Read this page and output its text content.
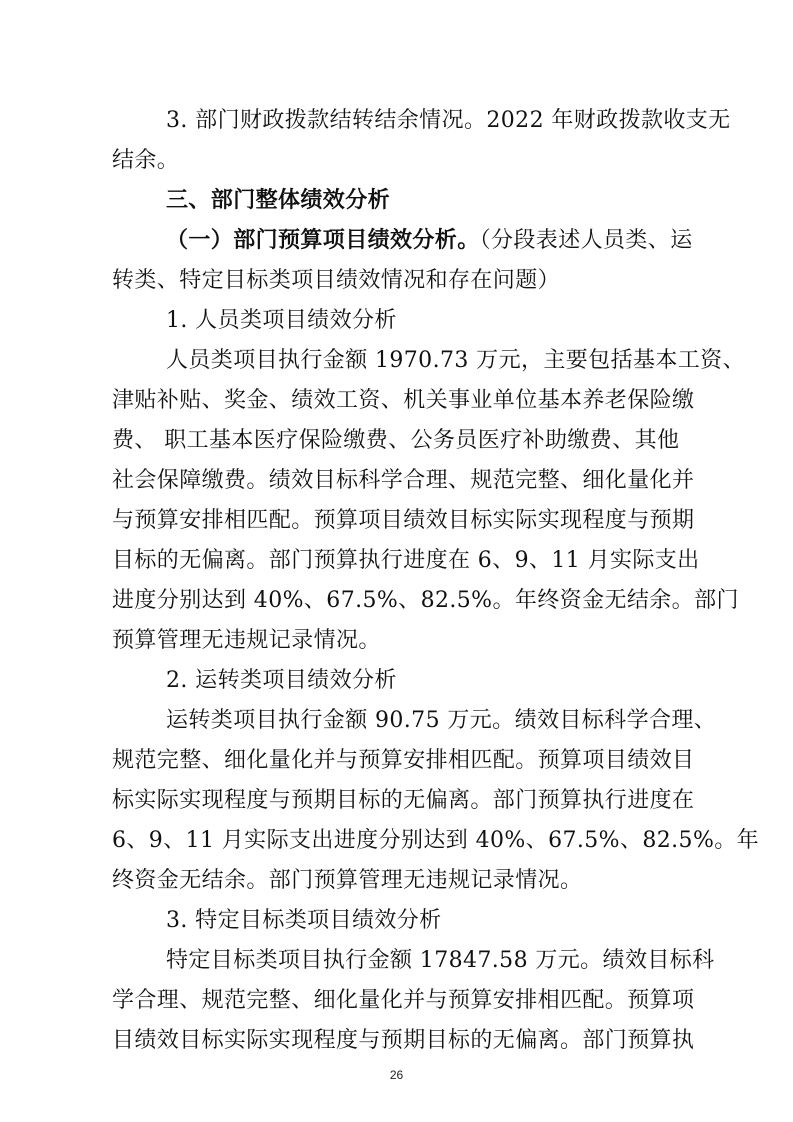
3. 部门财政拨款结转结余情况。2022 年财政拨款收支无
结余。
三、部门整体绩效分析
（一）部门预算项目绩效分析。（分段表述人员类、运
转类、特定目标类项目绩效情况和存在问题）
1. 人员类项目绩效分析
人员类项目执行金额 1970.73 万元，主要包括基本工资、
津贴补贴、奖金、绩效工资、机关事业单位基本养老保险缴
费、 职工基本医疗保险缴费、公务员医疗补助缴费、其他
社会保障缴费。绩效目标科学合理、规范完整、细化量化并
与预算安排相匹配。预算项目绩效目标实际实现程度与预期
目标的无偏离。部门预算执行进度在 6、9、11 月实际支出
进度分别达到 40%、67.5%、82.5%。年终资金无结余。部门
预算管理无违规记录情况。
2. 运转类项目绩效分析
运转类项目执行金额 90.75 万元。绩效目标科学合理、
规范完整、细化量化并与预算安排相匹配。预算项目绩效目
标实际实现程度与预期目标的无偏离。部门预算执行进度在
6、9、11 月实际支出进度分别达到 40%、67.5%、82.5%。年
终资金无结余。部门预算管理无违规记录情况。
3. 特定目标类项目绩效分析
特定目标类项目执行金额 17847.58 万元。绩效目标科
学合理、规范完整、细化量化并与预算安排相匹配。预算项
目绩效目标实际实现程度与预期目标的无偏离。部门预算执
26
